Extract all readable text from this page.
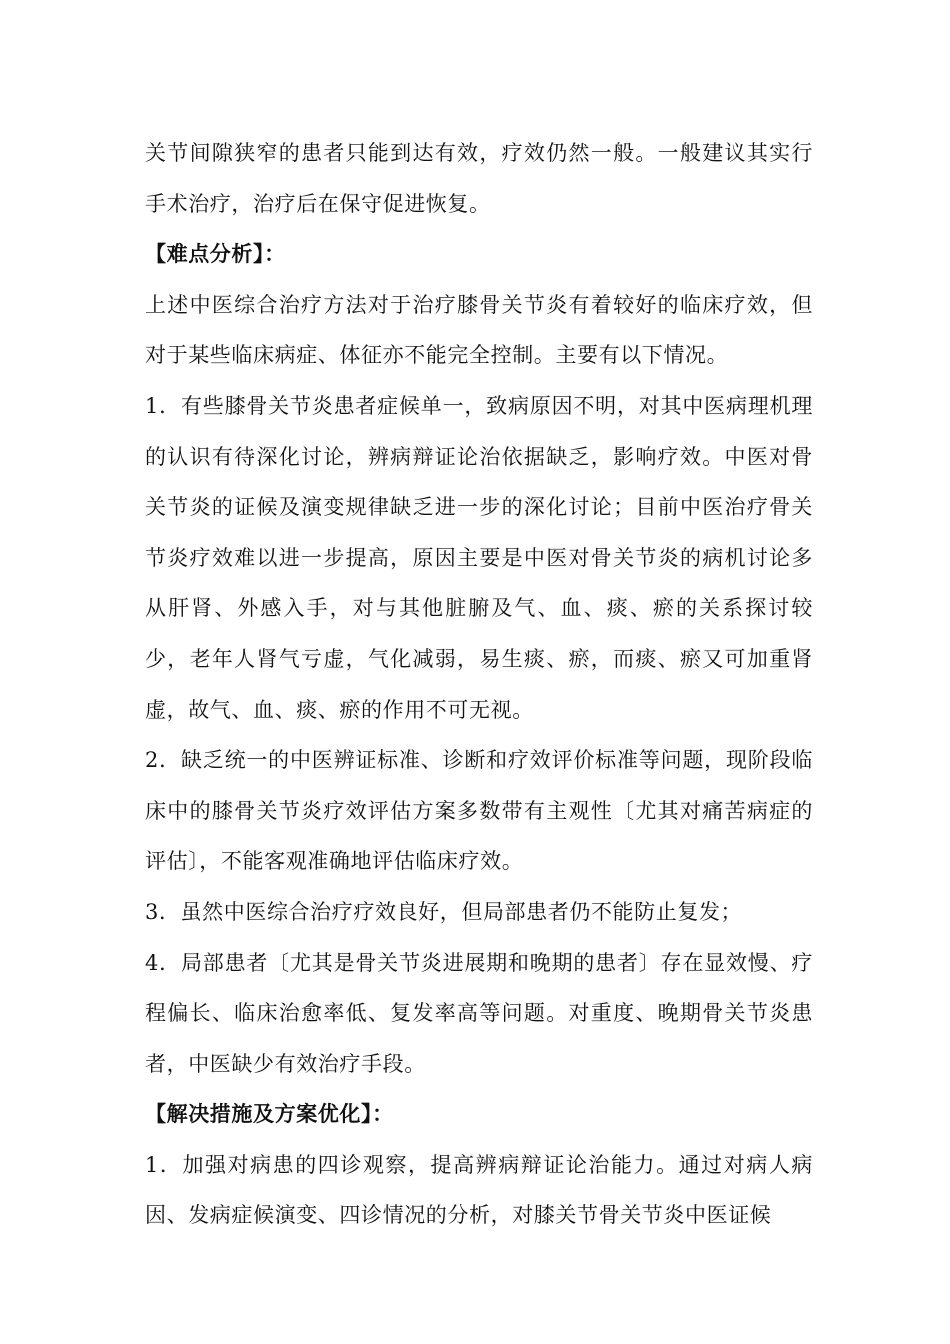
关节间隙狭窄的患者只能到达有效，疗效仍然一般。一般建议其实行手术治疗，治疗后在保守促进恢复。

【难点分析】：

上述中医综合治疗方法对于治疗膝骨关节炎有着较好的临床疗效，但对于某些临床病症、体征亦不能完全控制。主要有以下情况。

1．有些膝骨关节炎患者症候单一，致病原因不明，对其中医病理机理的认识有待深化讨论，辨病辩证论治依据缺乏，影响疗效。中医对骨关节炎的证候及演变规律缺乏进一步的深化讨论；目前中医治疗骨关节炎疗效难以进一步提高，原因主要是中医对骨关节炎的病机讨论多从肝肾、外感入手，对与其他脏腑及气、血、痰、瘀的关系探讨较少，老年人肾气亏虚，气化减弱，易生痰、瘀，而痰、瘀又可加重肾虚，故气、血、痰、瘀的作用不可无视。

2．缺乏统一的中医辨证标准、诊断和疗效评价标准等问题，现阶段临床中的膝骨关节炎疗效评估方案多数带有主观性〔尤其对痛苦病症的评估〕，不能客观准确地评估临床疗效。

3．虽然中医综合治疗疗效良好，但局部患者仍不能防止复发；

4．局部患者〔尤其是骨关节炎进展期和晚期的患者〕存在显效慢、疗程偏长、临床治愈率低、复发率高等问题。对重度、晚期骨关节炎患者，中医缺少有效治疗手段。

【解决措施及方案优化】：

1．加强对病患的四诊观察，提高辨病辩证论治能力。通过对病人病因、发病症候演变、四诊情况的分析，对膝关节骨关节炎中医证候
